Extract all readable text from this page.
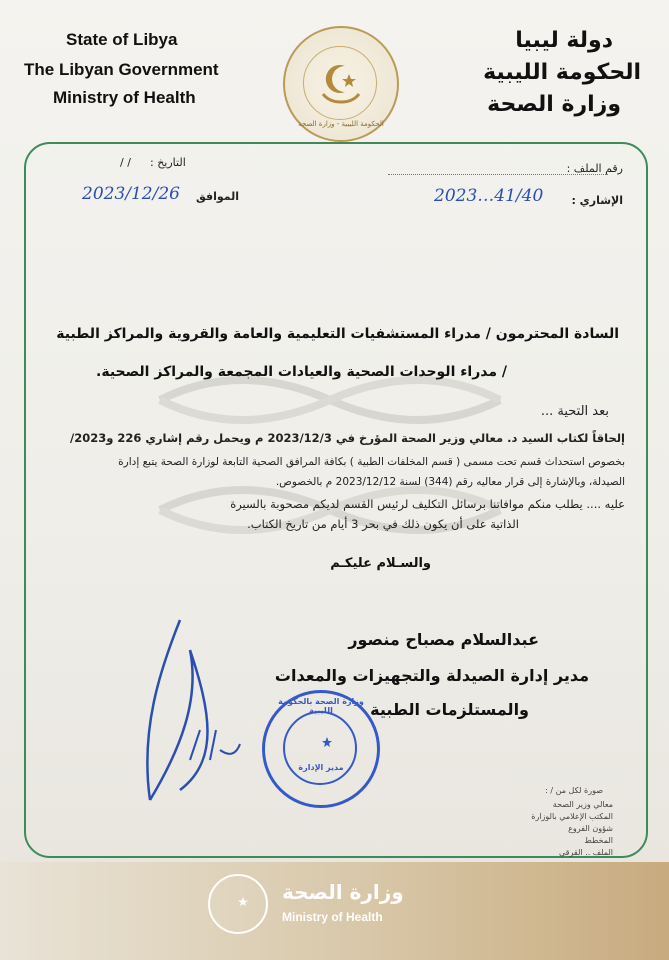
State of Libya
The Libyan Government
Ministry of Health
دولة ليبيا
الحكومة الليبية
وزارة الصحة
الحكومة الليبية - وزارة الصحة
التاريخ :
/ /
الموافق
2023/12/26
رقم الملف :
الإشاري :
2023…41/40
السادة المحترمون / مدراء المستشفيات التعليمية والعامة والقروية والمراكز الطبية
/ مدراء الوحدات الصحية والعيادات المجمعة والمراكز الصحية.
بعد التحية ...
إلحاقاً لكتاب السيد د. معالي وزير الصحة المؤرخ في 2023/12/3 م ويحمل رقم إشاري 226 و2023/
بخصوص استحداث قسم تحت مسمى ( قسم المخلفات الطبية ) بكافة المرافق الصحية التابعة لوزارة الصحة يتبع إدارة
الصيدلة، وبالإشارة إلى قرار معاليه رقم (344) لسنة 2023/12/12 م بالخصوص.
عليه .... يطلب منكم موافاتنا برسائل التكليف لرئيس القسم لديكم مصحوبة بالسيرة
الذاتية على أن يكون ذلك في بحر 3 أيام من تاريخ الكتاب.
والسـلام عليكـم
عبدالسلام مصباح منصور
مدير إدارة الصيدلة والتجهيزات والمعدات
والمستلزمات الطبية
وزارة الصحة بالحكومة الليبية
مدير الإدارة
صورة لكل من / :
معالي وزير الصحة
المكتب الإعلامي بالوزارة
شؤون الفروع
المخطط
الملف .. القرقي
وزارة الصحة
Ministry of Health
